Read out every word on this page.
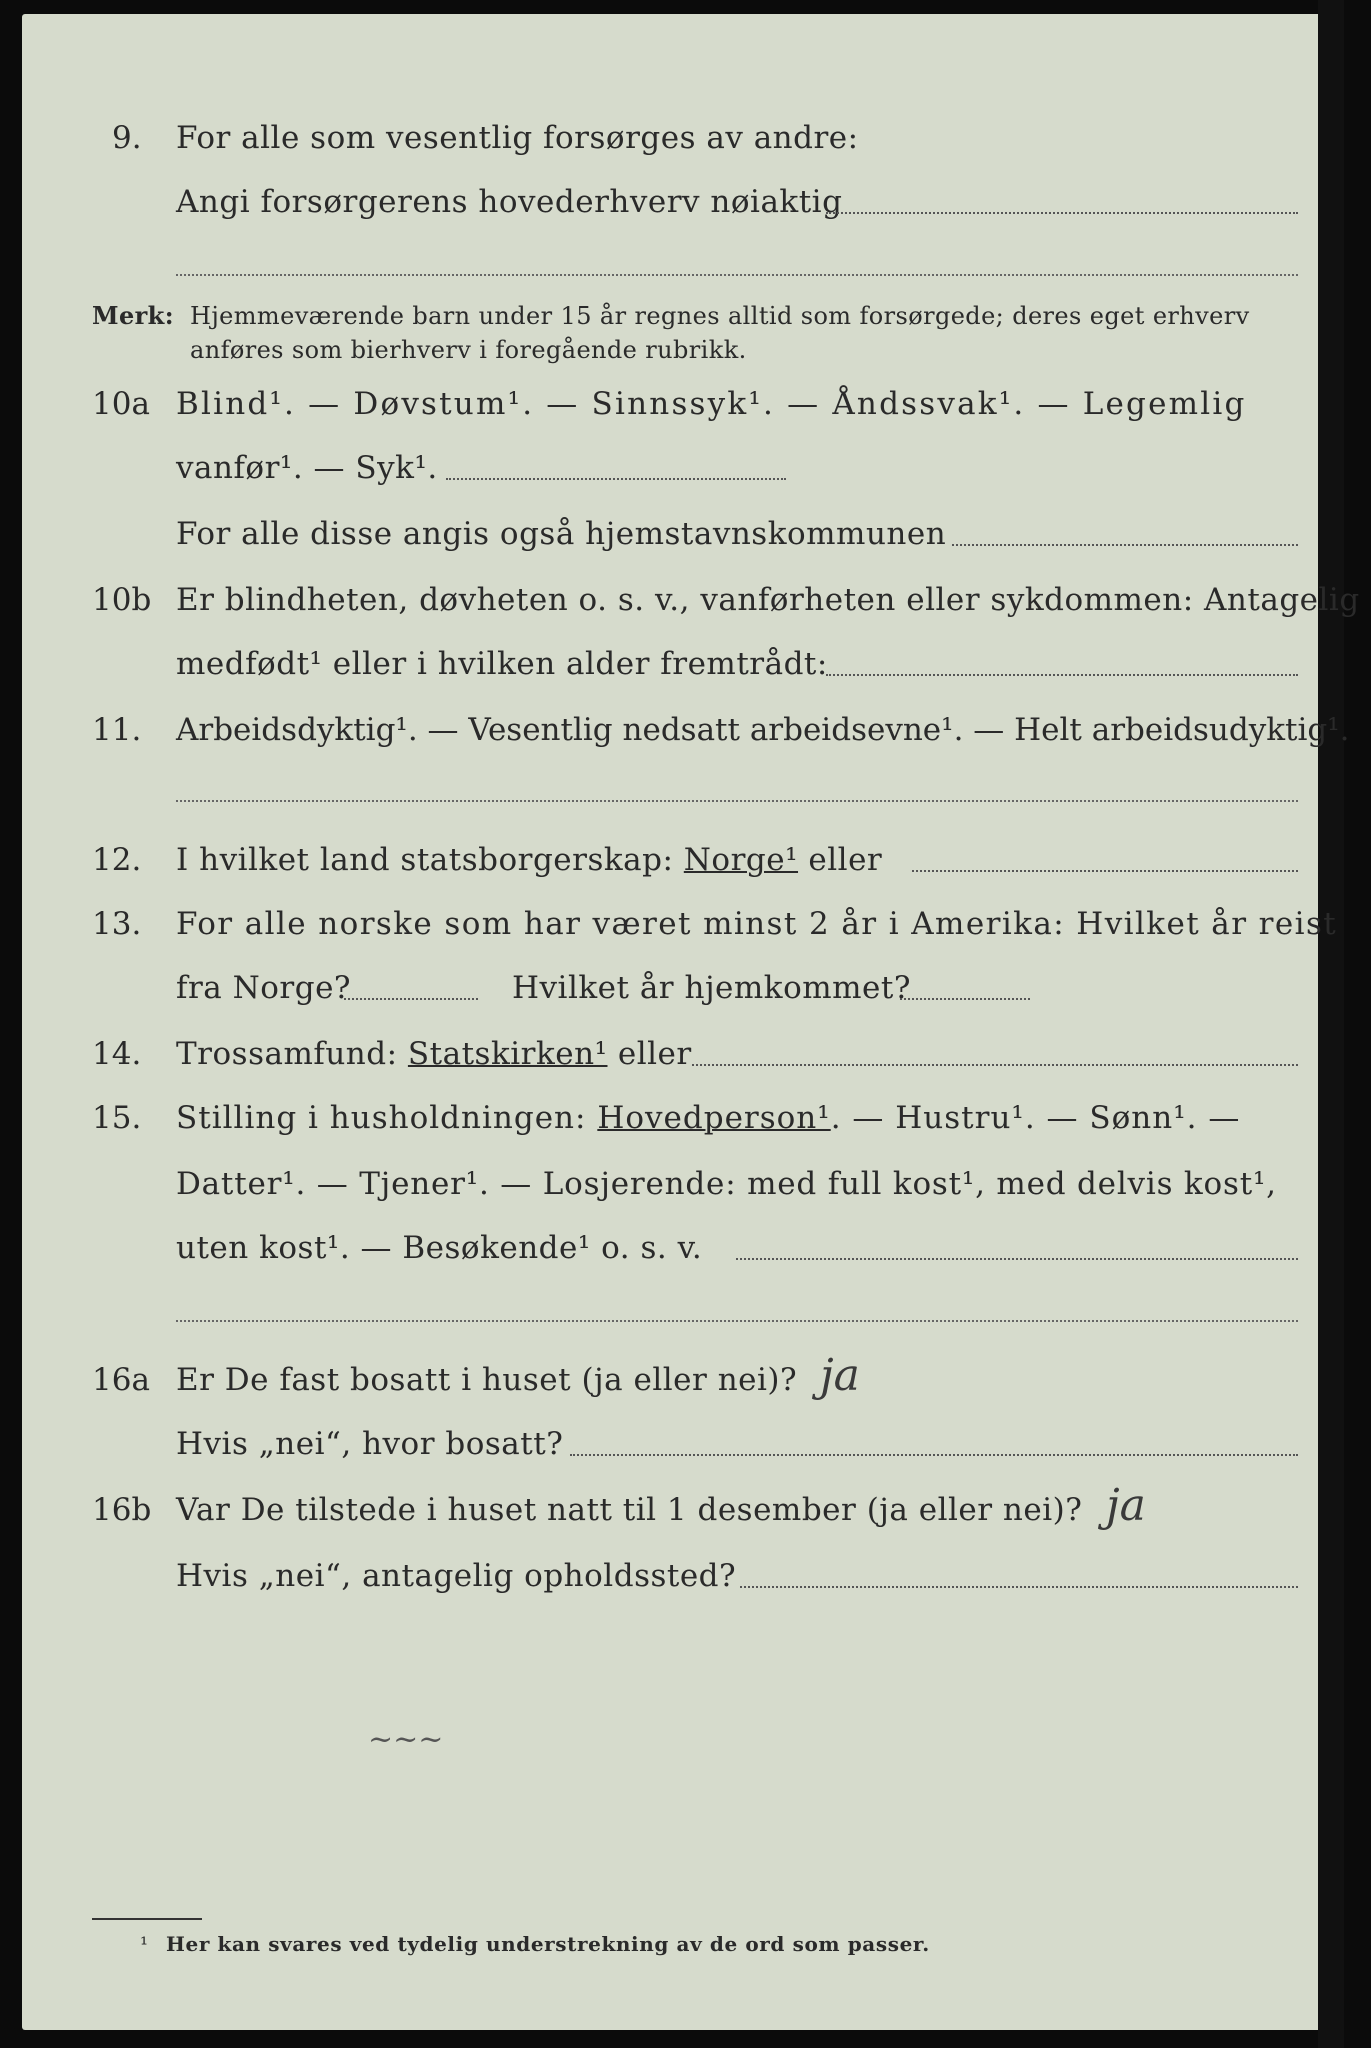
9. For alle som vesentlig forsørges av andre:
Angi forsørgerens hovederhverv nøiaktig
Merk: Hjemmeværende barn under 15 år regnes alltid som forsørgede; deres eget erhverv
anføres som bierhverv i foregående rubrikk.
10a Blind¹. — Døvstum¹. — Sinnssyk¹. — Åndssvak¹. — Legemlig
vanfør¹. — Syk¹.
For alle disse angis også hjemstavnskommunen
10b Er blindheten, døvheten o. s. v., vanførheten eller sykdommen: Antagelig
medfødt¹ eller i hvilken alder fremtrådt:
11. Arbeidsdyktig¹. — Vesentlig nedsatt arbeidsevne¹. — Helt arbeidsudyktig¹.
12. I hvilket land statsborgerskap: Norge¹ eller
13. For alle norske som har været minst 2 år i Amerika: Hvilket år reist
fra Norge?	Hvilket år hjemkommet?
14. Trossamfund: Statskirken¹ eller
15. Stilling i husholdningen: Hovedperson¹. — Hustru¹. — Sønn¹. —
Datter¹. — Tjener¹. — Losjerende: med full kost¹, med delvis kost¹,
uten kost¹. — Besøkende¹ o. s. v.
16a Er De fast bosatt i huset (ja eller nei)? ja
Hvis „nei“, hvor bosatt?
16b Var De tilstede i huset natt til 1 desember (ja eller nei)? ja
Hvis „nei“, antagelig opholdssted?
~~~
¹ Her kan svares ved tydelig understrekning av de ord som passer.
